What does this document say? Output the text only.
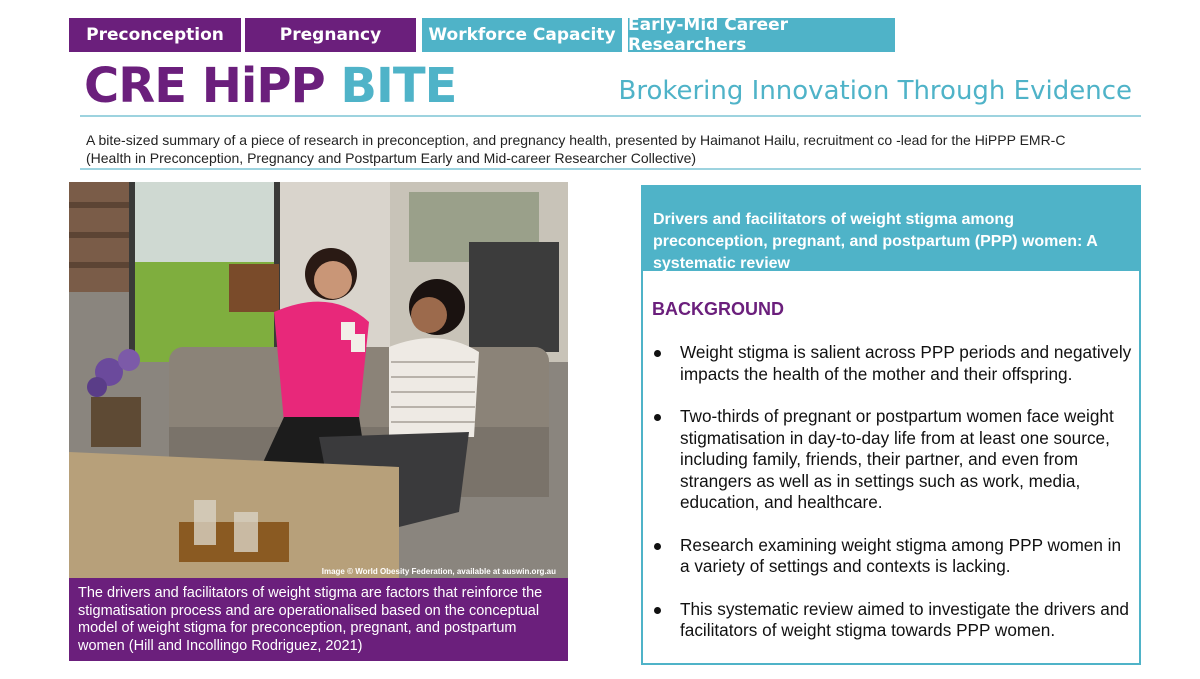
Preconception	Pregnancy	Workforce Capacity Early-Mid Career Researchers
CRE HiPP BITE	Brokering Innovation Through Evidence
A bite-sized summary of a piece of research in preconception, and pregnancy health, presented by Haimanot Hailu, recruitment co -lead for the HiPPP EMR-C
(Health in Preconception, Pregnancy and Postpartum Early and Mid-career Researcher Collective)
Image © World Obesity Federation, available at auswin.org.au
The drivers and facilitators of weight stigma are factors that reinforce the stigmatisation process and are operationalised based on the conceptual model of weight stigma for preconception, pregnant, and postpartum women (Hill and Incollingo Rodriguez, 2021)
Drivers and facilitators of weight stigma among preconception, pregnant, and postpartum (PPP) women: A systematic review
BACKGROUND
Weight stigma is salient across PPP periods and negatively impacts the health of the mother and their offspring.
Two-thirds of pregnant or postpartum women face weight stigmatisation in day-to-day life from at least one source, including family, friends, their partner, and even from strangers as well as in settings such as work, media, education, and healthcare.
Research examining weight stigma among PPP women in a variety of settings and contexts is lacking.
This systematic review aimed to investigate the drivers and facilitators of weight stigma towards PPP women.
